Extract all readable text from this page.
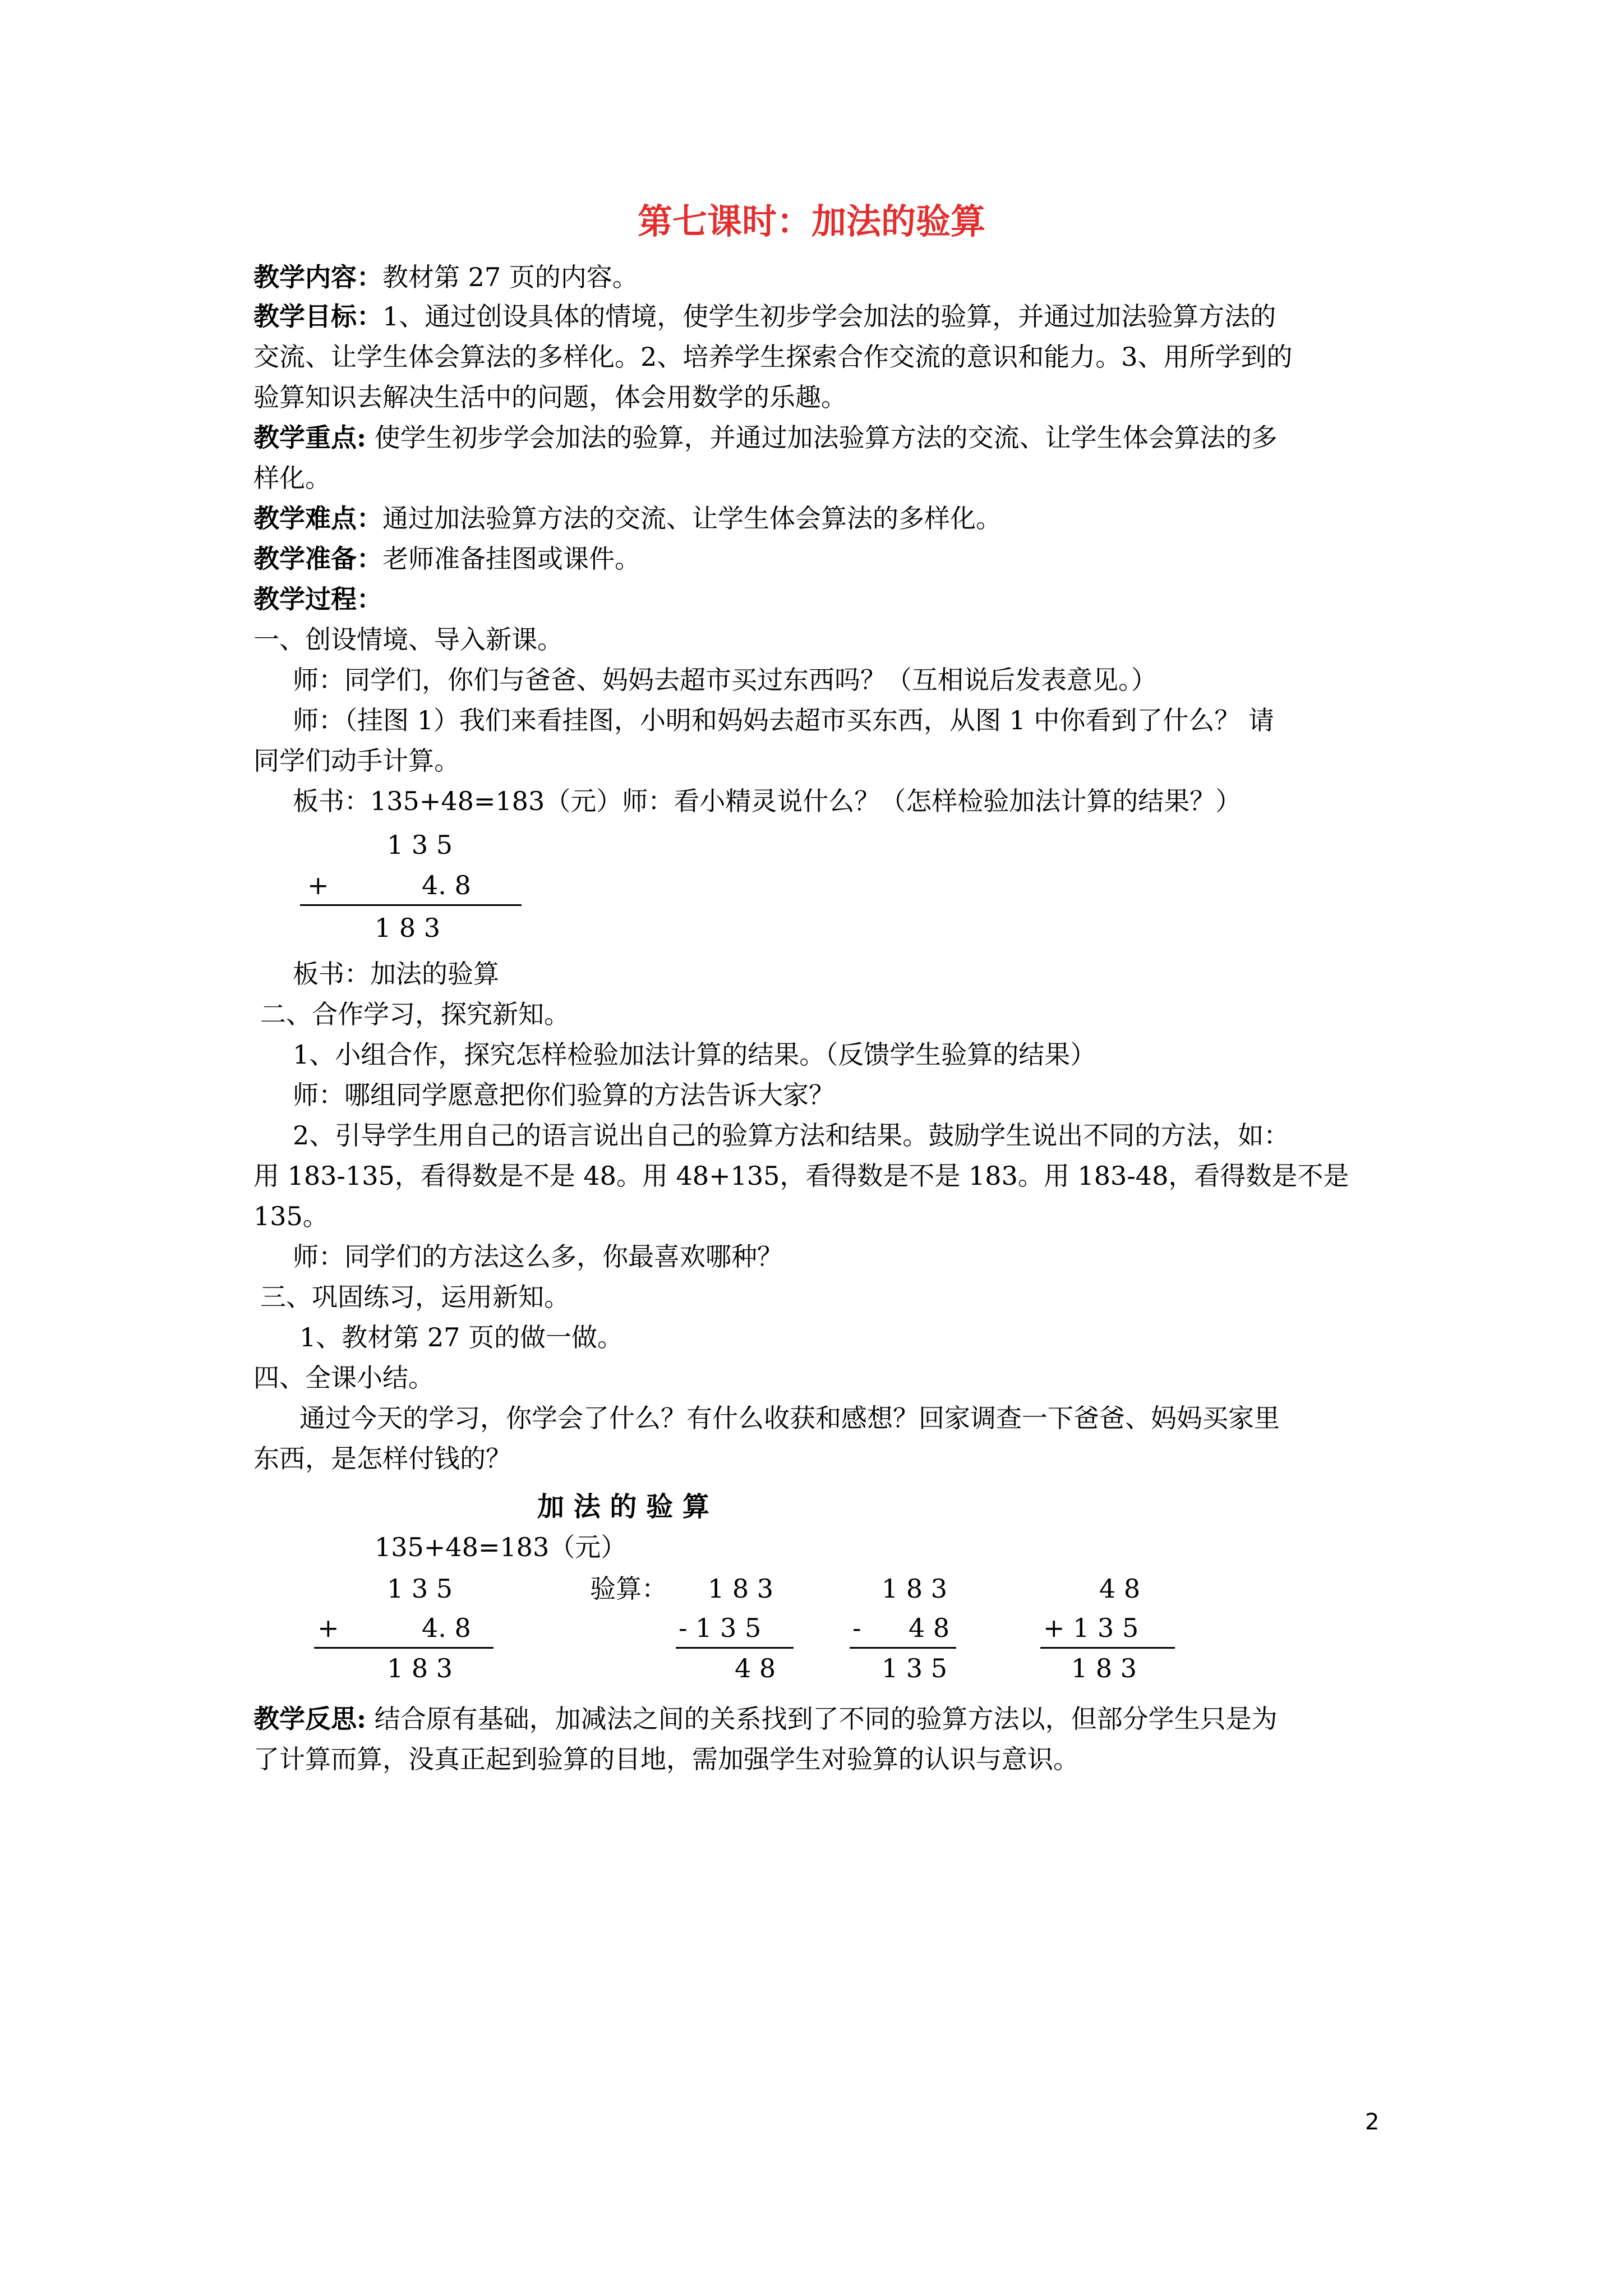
第七课时：加法的验算
教学内容：教材第 27 页的内容。
教学目标：1、通过创设具体的情境，使学生初步学会加法的验算，并通过加法验算方法的
交流、让学生体会算法的多样化。2、培养学生探索合作交流的意识和能力。3、用所学到的
验算知识去解决生活中的问题，体会用数学的乐趣。
教学重点: 使学生初步学会加法的验算，并通过加法验算方法的交流、让学生体会算法的多
样化。
教学难点：通过加法验算方法的交流、让学生体会算法的多样化。
教学准备：老师准备挂图或课件。
教学过程：
一、创设情境、导入新课。
师：同学们，你们与爸爸、妈妈去超市买过东西吗？（互相说后发表意见。）
师：（挂图 1）我们来看挂图，小明和妈妈去超市买东西，从图 1 中你看到了什么？ 请
同学们动手计算。
板书：135+48=183（元）师：看小精灵说什么？（怎样检验加法计算的结果？）
1 3 5
+	4. 8
1 8 3
板书：加法的验算
二、合作学习，探究新知。
1、小组合作，探究怎样检验加法计算的结果。（反馈学生验算的结果）
师：哪组同学愿意把你们验算的方法告诉大家？
2、引导学生用自己的语言说出自己的验算方法和结果。鼓励学生说出不同的方法，如：
用 183-135，看得数是不是 48。用 48+135，看得数是不是 183。用 183-48，看得数是不是
135。
师：同学们的方法这么多，你最喜欢哪种？
三、巩固练习，运用新知。
1、教材第 27 页的做一做。
四、全课小结。
通过今天的学习，你学会了什么？有什么收获和感想？回家调查一下爸爸、妈妈买家里
东西，是怎样付钱的？
加 法 的 验 算
135+48=183（元）
1 3 5
+	4. 8
1 8 3
验算： 1 8 3
- 1 3 5
4 8
1 8 3
- 4 8
1 3 5
4 8
+ 1 3 5
1 8 3
教学反思: 结合原有基础，加减法之间的关系找到了不同的验算方法以，但部分学生只是为
了计算而算，没真正起到验算的目地，需加强学生对验算的认识与意识。
2
